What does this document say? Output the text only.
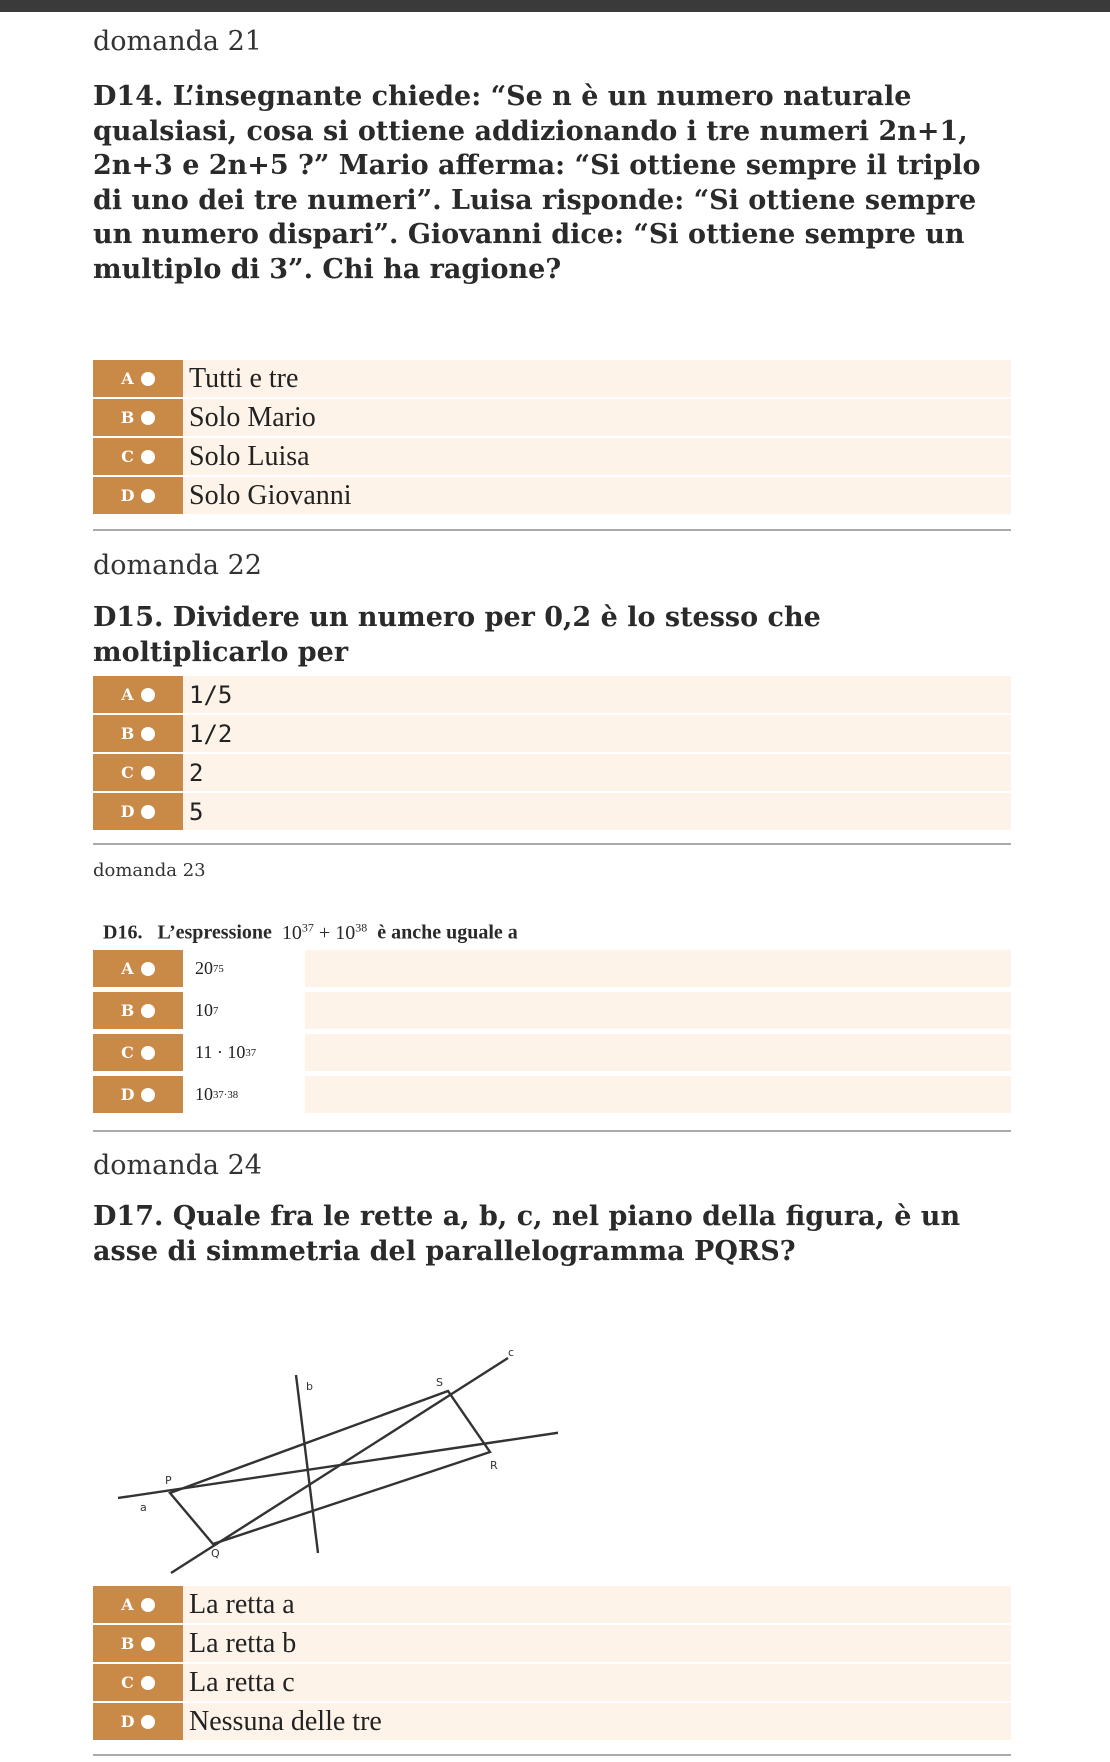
domanda 21
D14. L’insegnante chiede: “Se n è un numero naturale qualsiasi, cosa si ottiene addizionando i tre numeri 2n+1, 2n+3 e 2n+5 ?” Mario afferma: “Si ottiene sempre il triplo di uno dei tre numeri”. Luisa risponde: “Si ottiene sempre un numero dispari”. Giovanni dice: “Si ottiene sempre un multiplo di 3”. Chi ha ragione?
A Tutti e tre
B Solo Mario
C Solo Luisa
D Solo Giovanni
domanda 22
D15. Dividere un numero per 0,2 è lo stesso che moltiplicarlo per
A 1/5
B 1/2
C 2
D 5
domanda 23
D16. L’espressione $10^{37} + 10^{38}$ è anche uguale a
A	20 75
B	10 7
C	11 · 10 37
D	10 37·38
domanda 24
D17. Quale fra le rette a, b, c, nel piano della figura, è un asse di simmetria del parallelogramma PQRS?
c
b
a
P
Q
R
S
A La retta a
B La retta b
C La retta c
D Nessuna delle tre
